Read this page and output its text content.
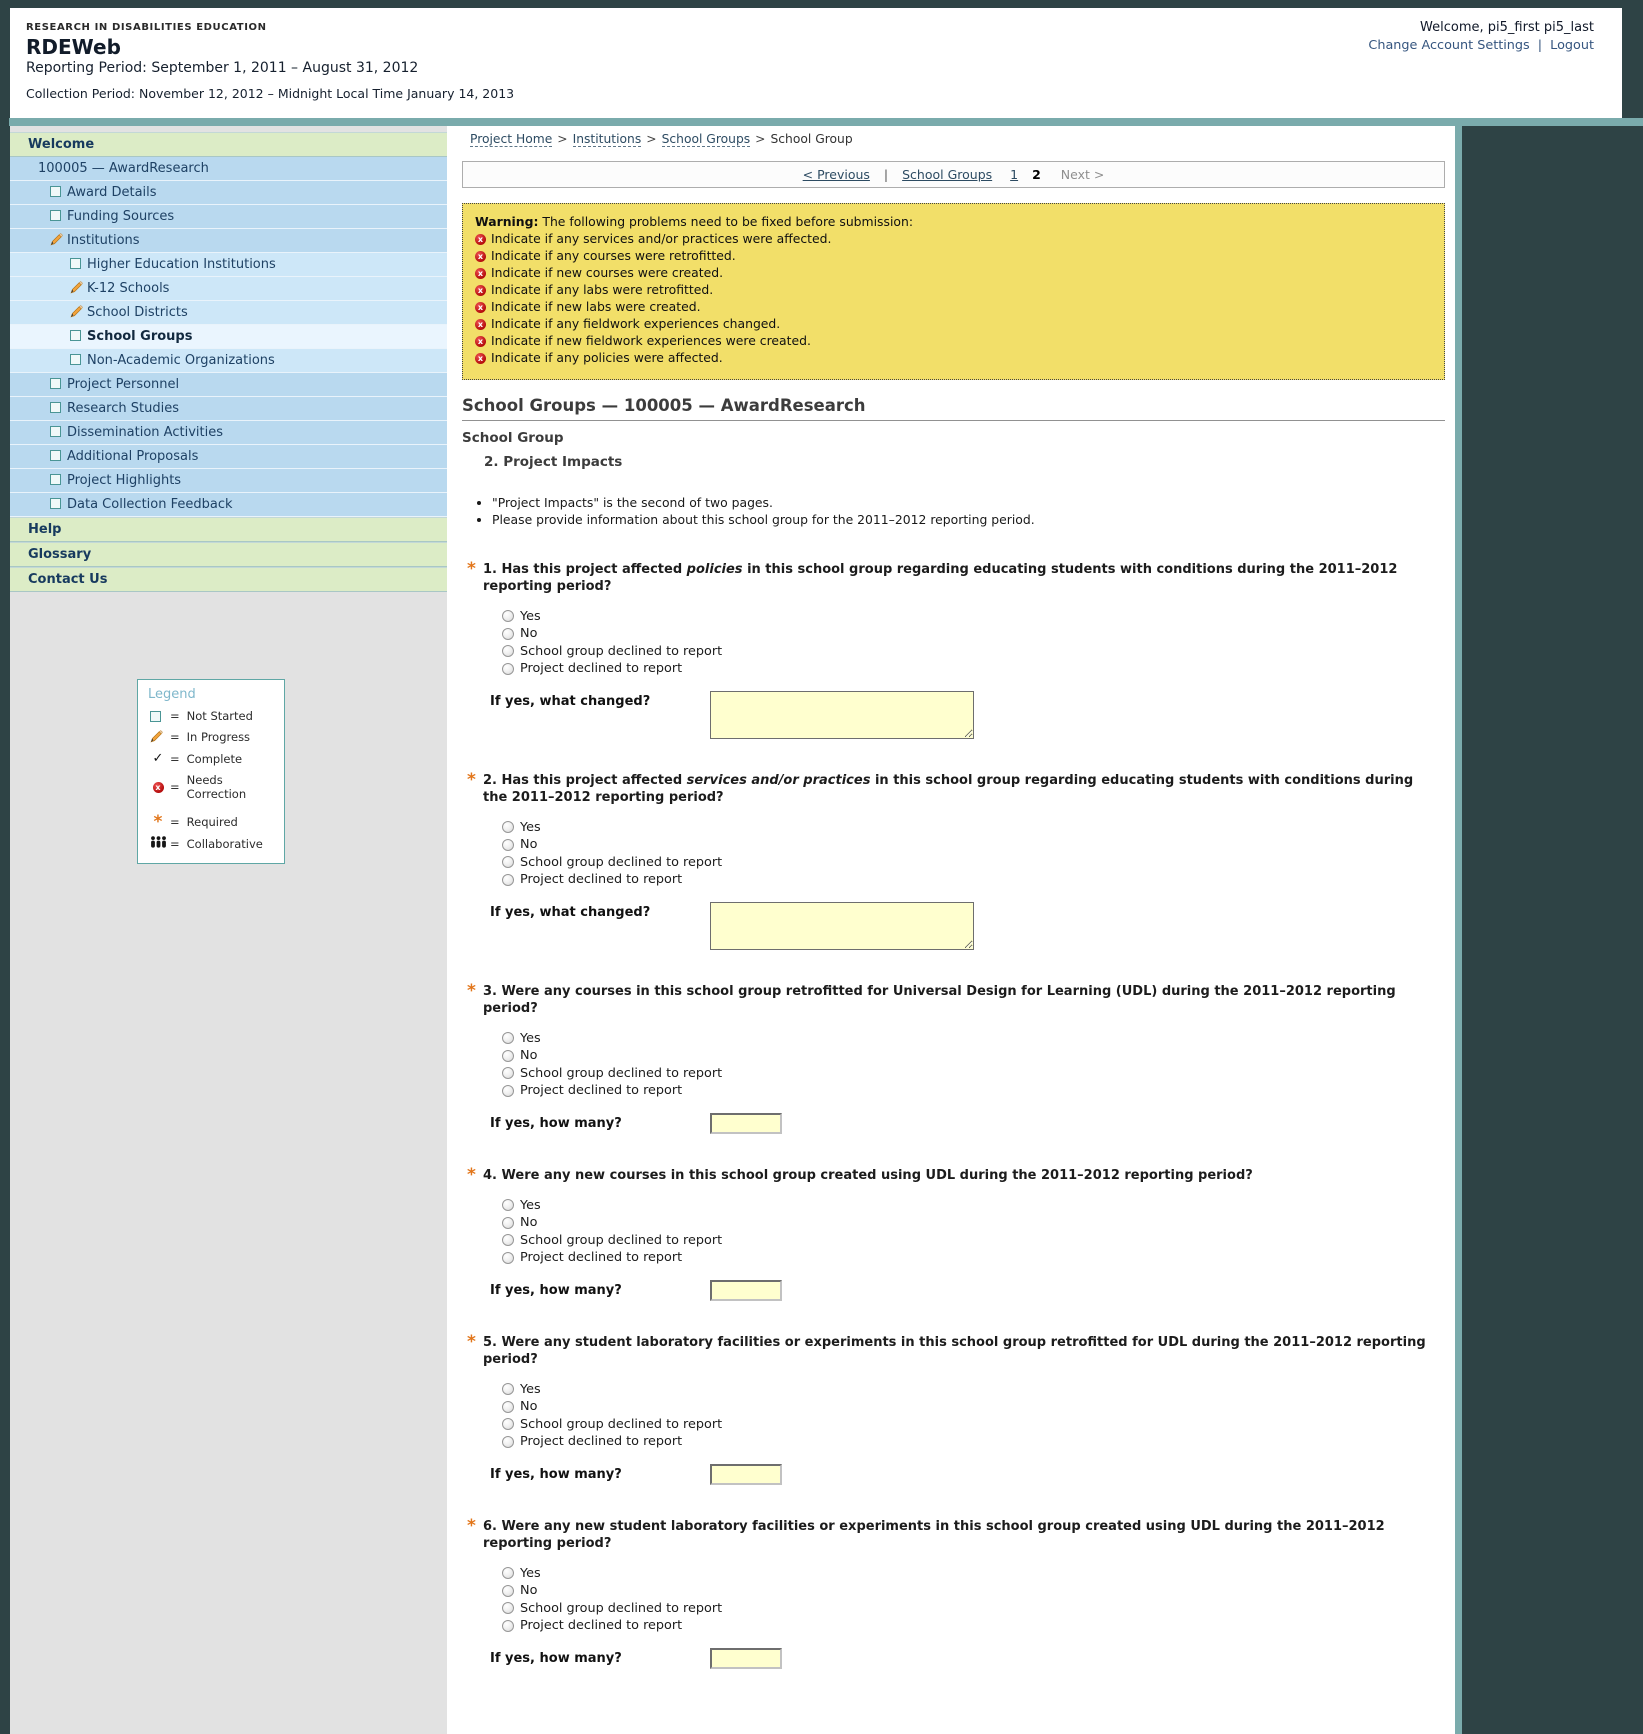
RESEARCH IN DISABILITIES EDUCATION
RDEWeb
Reporting Period: September 1, 2011 – August 31, 2012
Collection Period: November 12, 2012 – Midnight Local Time January 14, 2013
Welcome, pi5_first pi5_last
Change Account Settings | Logout
Welcome
100005 — AwardResearch
Award Details
Funding Sources
Institutions
Higher Education Institutions
K-12 Schools
School Districts
School Groups
Non-Academic Organizations
Project Personnel
Research Studies
Dissemination Activities
Additional Proposals
Project Highlights
Data Collection Feedback
Help
Glossary
Contact Us
Legend
= Not Started
= In Progress
✓ = Complete
x = Needs Correction
* = Required
= Collaborative
Project Home > Institutions > School Groups > School Group
< Previous | School Groups 1 2 Next >
Warning: The following problems need to be fixed before submission:
x Indicate if any services and/or practices were affected.
x Indicate if any courses were retrofitted.
x Indicate if new courses were created.
x Indicate if any labs were retrofitted.
x Indicate if new labs were created.
x Indicate if any fieldwork experiences changed.
x Indicate if new fieldwork experiences were created.
x Indicate if any policies were affected.
School Groups — 100005 — AwardResearch
School Group
2. Project Impacts
• "Project Impacts" is the second of two pages.
• Please provide information about this school group for the 2011–2012 reporting period.
* 1. Has this project affected policies in this school group regarding educating students with conditions during the 2011–2012 reporting period?
Yes
No
School group declined to report
Project declined to report
If yes, what changed?
* 2. Has this project affected services and/or practices in this school group regarding educating students with conditions during the 2011–2012 reporting period?
Yes
No
School group declined to report
Project declined to report
If yes, what changed?
* 3. Were any courses in this school group retrofitted for Universal Design for Learning (UDL) during the 2011–2012 reporting period?
Yes
No
School group declined to report
Project declined to report
If yes, how many?
* 4. Were any new courses in this school group created using UDL during the 2011–2012 reporting period?
Yes
No
School group declined to report
Project declined to report
If yes, how many?
* 5. Were any student laboratory facilities or experiments in this school group retrofitted for UDL during the 2011–2012 reporting period?
Yes
No
School group declined to report
Project declined to report
If yes, how many?
* 6. Were any new student laboratory facilities or experiments in this school group created using UDL during the 2011–2012 reporting period?
Yes
No
School group declined to report
Project declined to report
If yes, how many?
